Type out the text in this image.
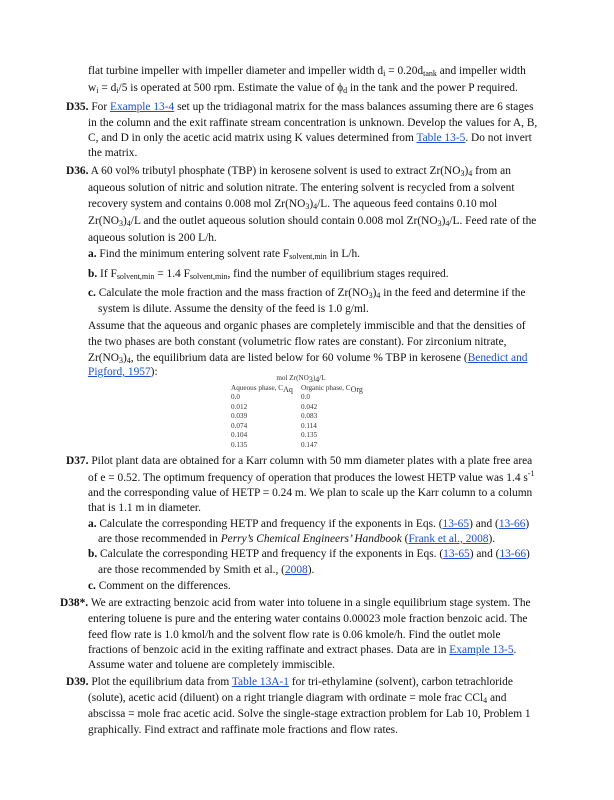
flat turbine impeller with impeller diameter and impeller width $d_i = 0.20d_{tank}$ and impeller width
$w_i = d_i/5$ is operated at 500 rpm. Estimate the value of $\phi_d$ in the tank and the power P required.
D35. For Example 13-4 set up the tridiagonal matrix for the mass balances assuming there are 6 stages
in the column and the exit raffinate stream concentration is unknown. Develop the values for A, B,
C, and D in only the acetic acid matrix using K values determined from Table 13-5. Do not invert
the matrix.
D36. A 60 vol% tributyl phosphate (TBP) in kerosene solvent is used to extract $Zr(NO_3)_4$ from an
aqueous solution of nitric and solution nitrate. The entering solvent is recycled from a solvent
recovery system and contains 0.008 mol $Zr(NO_3)_4/L$. The aqueous feed contains 0.10 mol
$Zr(NO_3)_4/L$ and the outlet aqueous solution should contain 0.008 mol $Zr(NO_3)_4/L$. Feed rate of the
aqueous solution is 200 L/h.
a. Find the minimum entering solvent rate $F_{solvent,min}$ in L/h.
b. If $F_{solvent,min} = 1.4$ $F_{solvent,min}$, find the number of equilibrium stages required.
c. Calculate the mole fraction and the mass fraction of $Zr(NO_3)_4$ in the feed and determine if the
system is dilute. Assume the density of the feed is 1.0 g/ml.
Assume that the aqueous and organic phases are completely immiscible and that the densities of
the two phases are both constant (volumetric flow rates are constant). For zirconium nitrate,
$Zr(NO_3)_4$, the equilibrium data are listed below for 60 volume % TBP in kerosene (Benedict and
Pigford, 1957):	mol $Zr(NO_3)_4/L$
Aqueous phase, $C_{Aq}$ Organic phase, $C_{Org}$
0.0	0.0
0.012	0.042
0.039	0.083
0.074	0.114
0.104	0.135
0.135	0.147
D37. Pilot plant data are obtained for a Karr column with 50 mm diameter plates with a plate free area
of e = 0.52. The optimum frequency of operation that produces the lowest HETP value was 1.4 $s^{-1}$
and the corresponding value of HETP = 0.24 m. We plan to scale up the Karr column to a column
that is 1.1 m in diameter.
a. Calculate the corresponding HETP and frequency if the exponents in Eqs. (13-65) and (13-66)
are those recommended in Perry’s Chemical Engineers’ Handbook (Frank et al., 2008).
b. Calculate the corresponding HETP and frequency if the exponents in Eqs. (13-65) and (13-66)
are those recommended by Smith et al., (2008).
c. Comment on the differences.
D38*. We are extracting benzoic acid from water into toluene in a single equilibrium stage system. The
entering toluene is pure and the entering water contains 0.00023 mole fraction benzoic acid. The
feed flow rate is 1.0 kmol/h and the solvent flow rate is 0.06 kmole/h. Find the outlet mole
fractions of benzoic acid in the exiting raffinate and extract phases. Data are in Example 13-5.
Assume water and toluene are completely immiscible.
D39. Plot the equilibrium data from Table 13A-1 for tri-ethylamine (solvent), carbon tetrachloride
(solute), acetic acid (diluent) on a right triangle diagram with ordinate = mole frac CCl$_4$ and
abscissa = mole frac acetic acid. Solve the single-stage extraction problem for Lab 10, Problem 1
graphically. Find extract and raffinate mole fractions and flow rates.
